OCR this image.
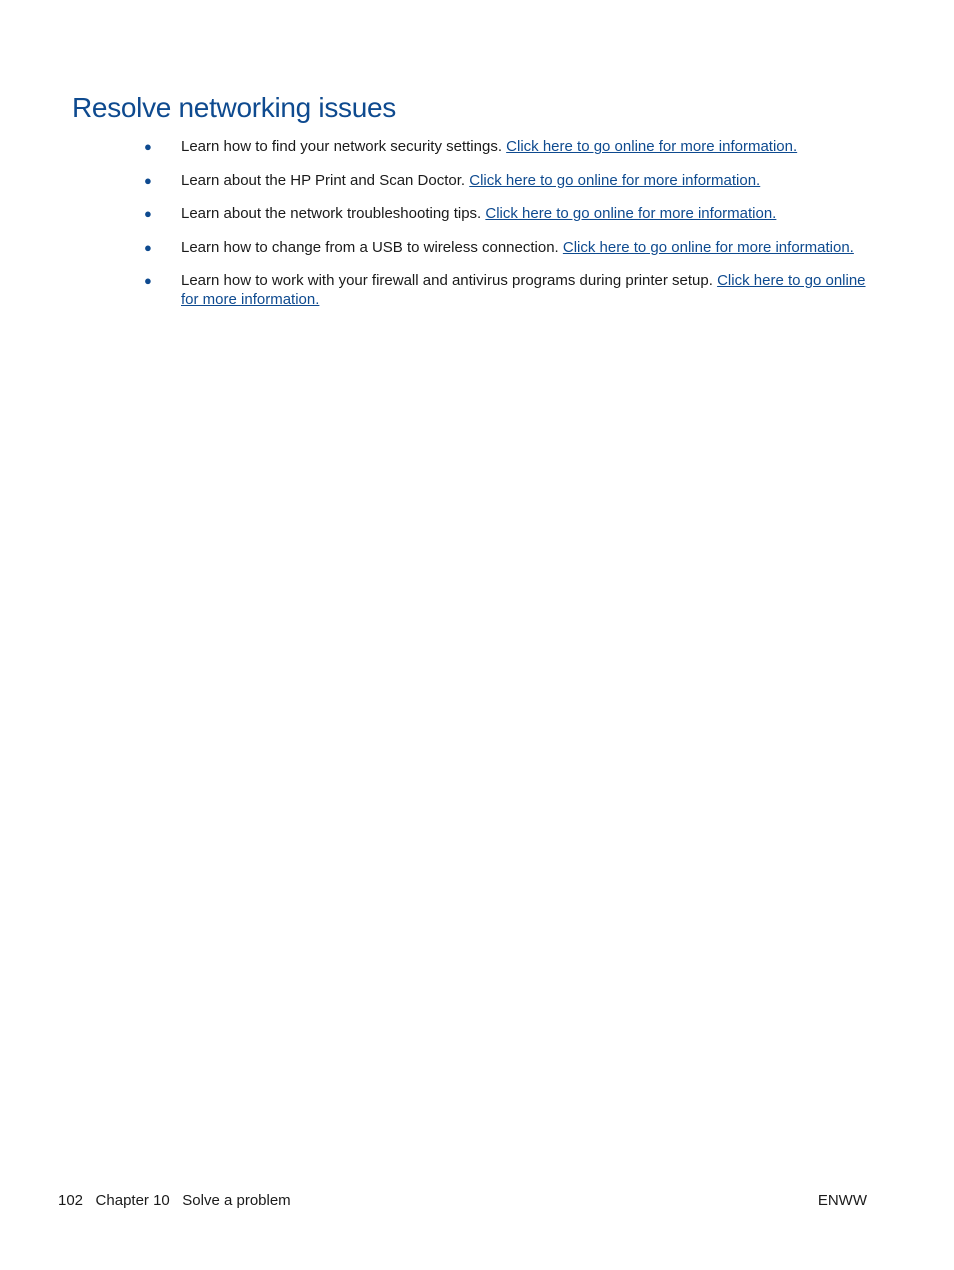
Resolve networking issues
● Learn how to find your network security settings. Click here to go online for more information.
● Learn about the HP Print and Scan Doctor. Click here to go online for more information.
● Learn about the network troubleshooting tips. Click here to go online for more information.
● Learn how to change from a USB to wireless connection. Click here to go online for more information.
● Learn how to work with your firewall and antivirus programs during printer setup. Click here to go online for more information.
102 Chapter 10 Solve a problem	ENWW
